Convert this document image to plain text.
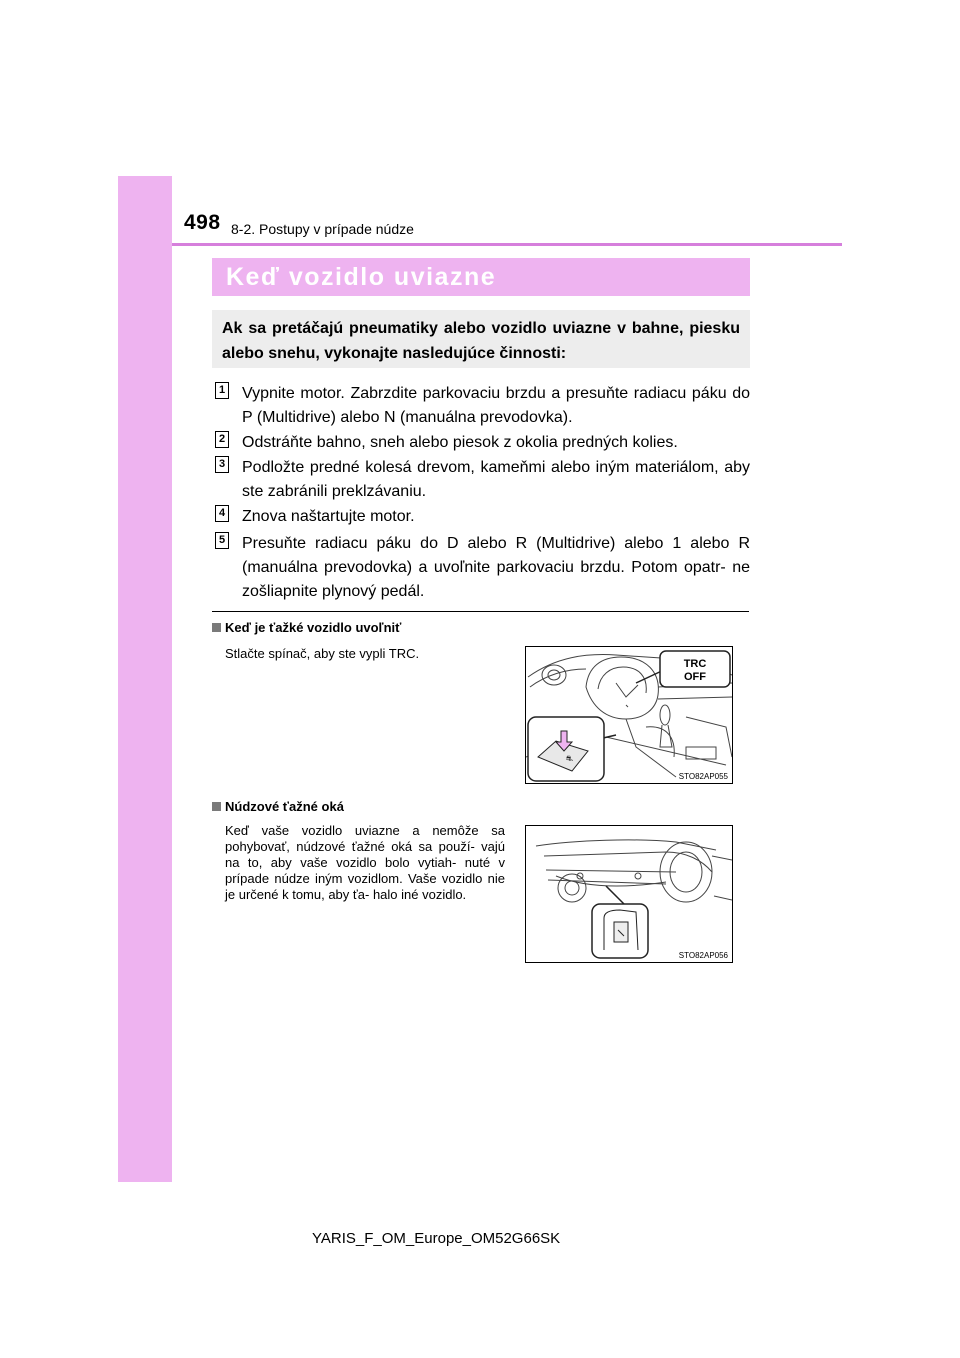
498 8-2. Postupy v prípade núdze
Keď vozidlo uviazne
Ak sa pretáčajú pneumatiky alebo vozidlo uviazne v bahne, piesku alebo snehu, vykonajte nasledujúce činnosti:
1 Vypnite motor. Zabrzdite parkovaciu brzdu a presuňte radiacu páku do P (Multidrive) alebo N (manuálna prevodovka).
2 Odstráňte bahno, sneh alebo piesok z okolia predných kolies.
3 Podložte predné kolesá drevom, kameňmi alebo iným materiálom, aby ste zabránili preklzávaniu.
4 Znova naštartujte motor.
5 Presuňte radiacu páku do D alebo R (Multidrive) alebo 1 alebo R (manuálna prevodovka) a uvoľnite parkovaciu brzdu. Potom opatr- ne zošliapnite plynový pedál.
Keď je ťažké vozidlo uvoľniť
Stlačte spínač, aby ste vypli TRC.
TRC
OFF
⛐
STO82AP055
Núdzové ťažné oká
Keď vaše vozidlo uviazne a nemôže sa pohybovať, núdzové ťažné oká sa použí- vajú na to, aby vaše vozidlo bolo vytiah- nuté v prípade núdze iným vozidlom. Vaše vozidlo nie je určené k tomu, aby ťa- halo iné vozidlo.
STO82AP056
YARIS_F_OM_Europe_OM52G66SK
